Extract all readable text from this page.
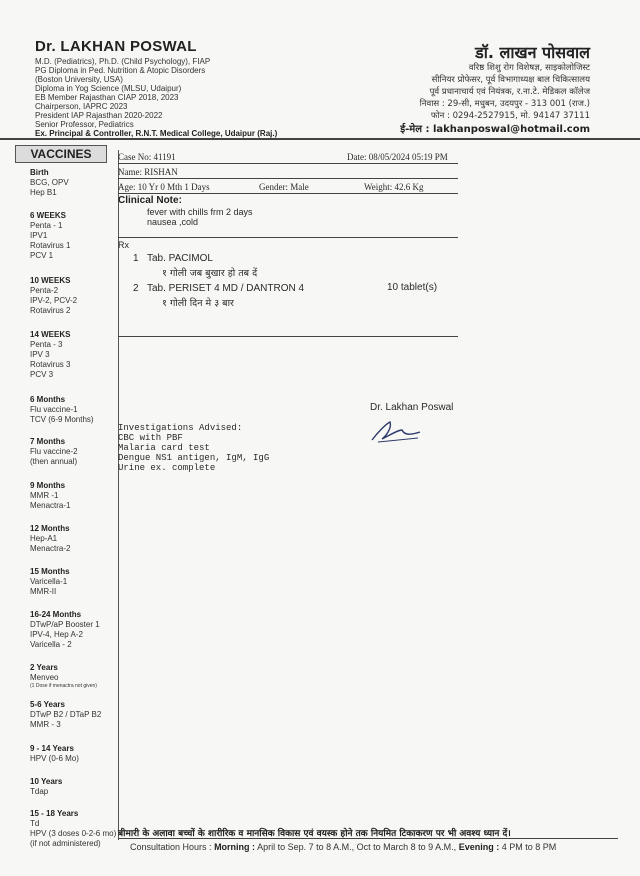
Dr. LAKHAN POSWAL
M.D. (Pediatrics), Ph.D. (Child Psychology), FIAP
PG Diploma in Ped. Nutrition & Atopic Disorders
(Boston University, USA)
Diploma in Yog Science (MLSU, Udaipur)
EB Member Rajasthan CIAP 2018, 2023
Chairperson, IAPRC 2023
President IAP Rajasthan 2020-2022
Senior Professor, Pediatrics
Ex. Principal & Controller, R.N.T. Medical College, Udaipur (Raj.)
डॉ. लाखन पोसवाल
वरिष्ठ शिशु रोग विशेषज्ञ, साइकोलोजिस्ट
सीनियर प्रोफेसर, पूर्व विभागाध्यक्ष बाल चिकित्सालय
पूर्व प्रधानाचार्य एवं नियंत्रक, र.ना.टे. मेडिकल कॉलेज
निवास : 29-सी, मधुबन, उदयपुर - 313 001 (राज.)
फोन : 0294-2527915, मो. 94147 37111
ई-मेल : lakhanposwal@hotmail.com
VACCINES
Birth
BCG, OPV
Hep B1
6 WEEKS
Penta - 1
IPV1
Rotavirus 1
PCV 1
10 WEEKS
Penta-2
IPV-2, PCV-2
Rotavirus 2
14 WEEKS
Penta - 3
IPV 3
Rotavirus 3
PCV 3
6 Months
Flu vaccine-1
TCV (6-9 Months)
7 Months
Flu vaccine-2
(then annual)
9 Months
MMR -1
Menactra-1
12 Months
Hep-A1
Menactra-2
15 Months
Varicella-1
MMR-II
16-24 Months
DTwP/aP Booster 1
IPV-4, Hep A-2
Varicella - 2
2 Years
Menveo
(1 Dose if menactra not given)
5-6 Years
DTwP B2 / DTaP B2
MMR - 3
9 - 14 Years
HPV (0-6 Mo)
10 Years
Tdap
15 - 18 Years
Td
HPV (3 doses 0-2-6 mo)
(if not administered)
Case No: 41191	Date: 08/05/2024 05:19 PM
Name: RISHAN
Age: 10 Yr 0 Mth 1 Days	Gender: Male	Weight: 42.6 Kg
Clinical Note:
fever with chills frm 2 days
nausea ,cold
Rx
1 Tab. PACIMOL
१ गोली जब बुखार हो तब दें
2 Tab. PERISET 4 MD / DANTRON 4	10 tablet(s)
१ गोली दिन मे ३ बार
Dr. Lakhan Poswal
Investigations Advised:
CBC with PBF
Malaria card test
Dengue NS1 antigen, IgM, IgG
Urine ex. complete
बीमारी के अलावा बच्चों के शारीरिक व मानसिक विकास एवं वयस्क होने तक नियमित टिकाकरण पर भी अवश्य ध्यान दें।
Consultation Hours : Morning : April to Sep. 7 to 8 A.M., Oct to March 8 to 9 A.M., Evening : 4 PM to 8 PM
